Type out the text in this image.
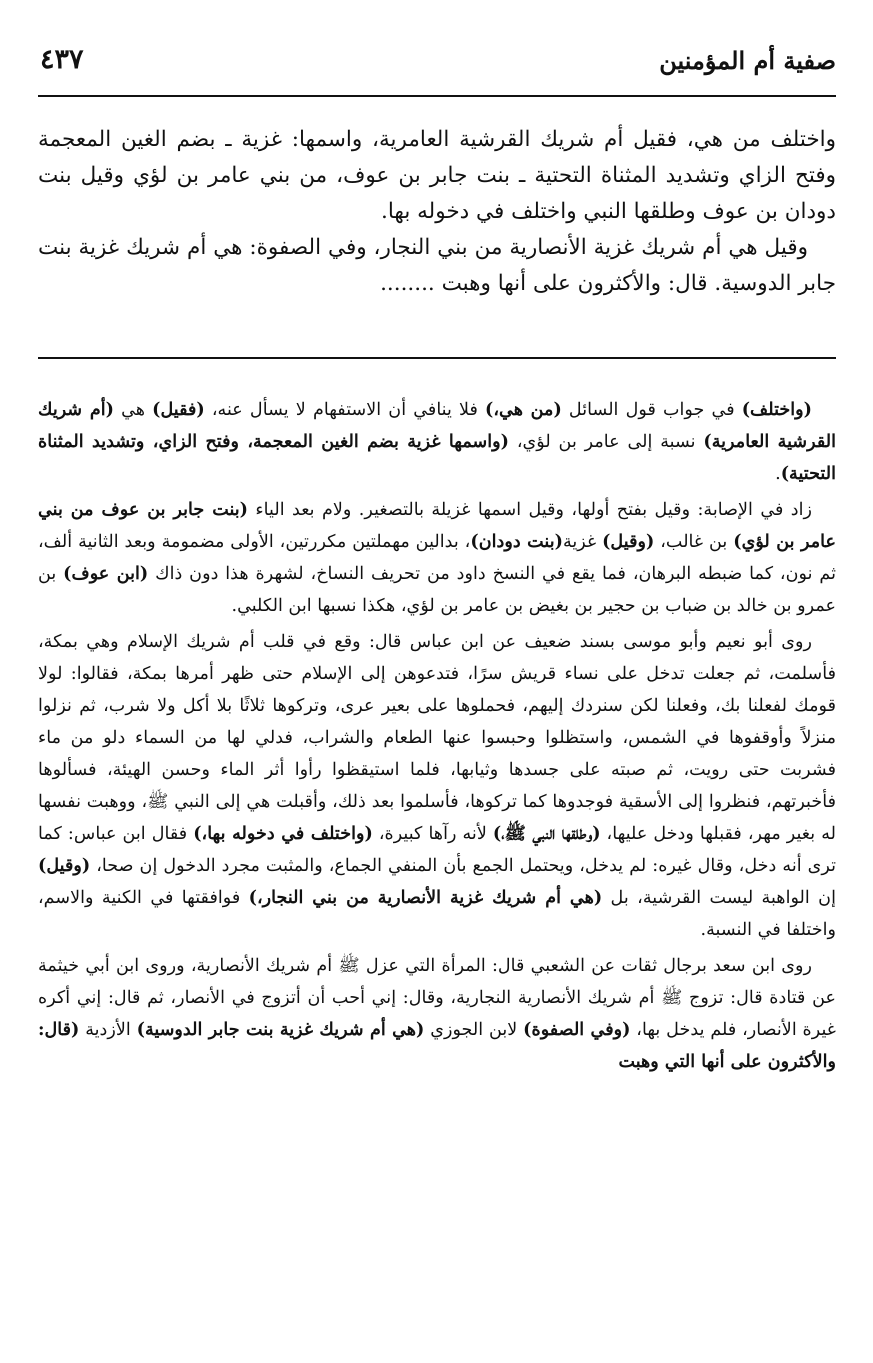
صفية أم المؤمنين
٤٣٧

واختلف من هي، فقيل أم شريك القرشية العامرية، واسمها: غزية ـ بضم الغين المعجمة وفتح الزاي وتشديد المثناة التحتية ـ بنت جابر بن عوف، من بني عامر بن لؤي وقيل بنت دودان بن عوف وطلقها النبي واختلف في دخوله بها.

وقيل هي أم شريك غزية الأنصارية من بني النجار، وفي الصفوة: هي أم شريك غزية بنت جابر الدوسية. قال: والأكثرون على أنها وهبت ........

(واختلف) في جواب قول السائل (من هي،) فلا ينافي أن الاستفهام لا يسأل عنه، (فقيل) هي (أم شريك القرشية العامرية) نسبة إلى عامر بن لؤي، (واسمها غزية بضم الغين المعجمة، وفتح الزاي، وتشديد المثناة التحتية).

زاد في الإصابة: وقيل بفتح أولها، وقيل اسمها غزيلة بالتصغير. ولام بعد الياء (بنت جابر بن عوف من بني عامر بن لؤي) بن غالب، (وقيل) غزية(بنت دودان)، بدالين مهملتين مكررتين، الأولى مضمومة وبعد الثانية ألف، ثم نون، كما ضبطه البرهان، فما يقع في النسخ داود من تحريف النساخ، لشهرة هذا دون ذاك (ابن عوف) بن عمرو بن خالد بن ضباب بن حجير بن بغيض بن عامر بن لؤي، هكذا نسبها ابن الكلبي.

روى أبو نعيم وأبو موسى بسند ضعيف عن ابن عباس قال: وقع في قلب أم شريك الإسلام وهي بمكة، فأسلمت، ثم جعلت تدخل على نساء قريش سرًا، فتدعوهن إلى الإسلام حتى ظهر أمرها بمكة، فقالوا: لولا قومك لفعلنا بك، وفعلنا لكن سنردك إليهم، فحملوها على بعير عرى، وتركوها ثلاثًا بلا أكل ولا شرب، ثم نزلوا منزلاً وأوقفوها في الشمس، واستظلوا وحبسوا عنها الطعام والشراب، فدلي لها من السماء دلو من ماء فشربت حتى رويت، ثم صبته على جسدها وثيابها، فلما استيقظوا رأوا أثر الماء وحسن الهيئة، فسألوها فأخبرتهم، فنظروا إلى الأسقية فوجدوها كما تركوها، فأسلموا بعد ذلك، وأقبلت هي إلى النبي ﷺ، ووهبت نفسها له بغير مهر، فقبلها ودخل عليها، (وطلقها النبي ﷺ،) لأنه رآها كبيرة، (واختلف في دخوله بها،) فقال ابن عباس: كما ترى أنه دخل، وقال غيره: لم يدخل، ويحتمل الجمع بأن المنفي الجماع، والمثبت مجرد الدخول إن صحا، (وقيل) إن الواهبة ليست القرشية، بل (هي أم شريك غزية الأنصارية من بني النجار،) فوافقتها في الكنية والاسم، واختلفا في النسبة.

روى ابن سعد برجال ثقات عن الشعبي قال: المرأة التي عزل ﷺ أم شريك الأنصارية، وروى ابن أبي خيثمة عن قتادة قال: تزوج ﷺ أم شريك الأنصارية النجارية، وقال: إني أحب أن أتزوج في الأنصار، ثم قال: إني أكره غيرة الأنصار، فلم يدخل بها، (وفي الصفوة) لابن الجوزي (هي أم شريك غزية بنت جابر الدوسية) الأزدية (قال: والأكثرون على أنها التي وهبت
